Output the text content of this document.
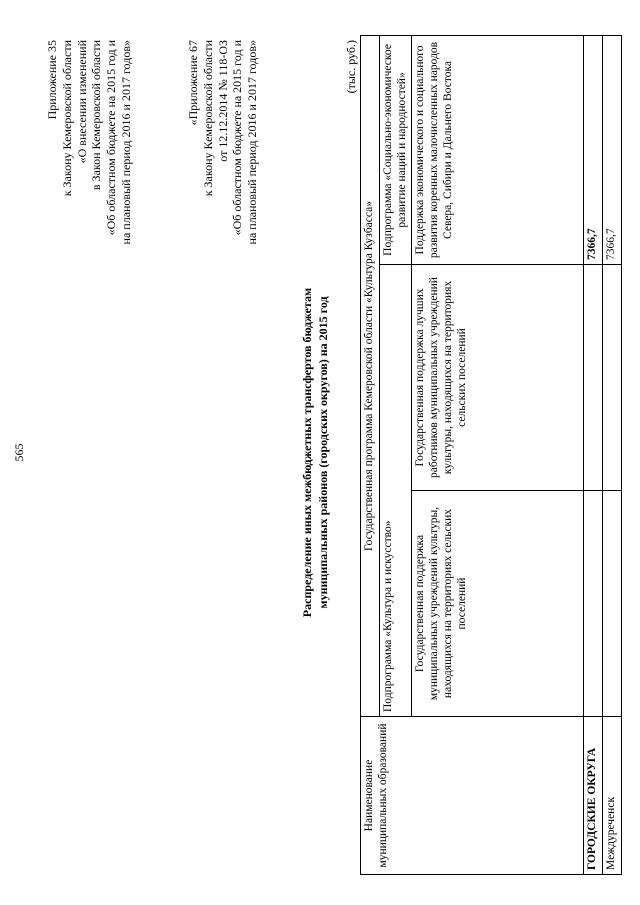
565
Приложение 35 к Закону Кемеровской области «О внесении изменений в Закон Кемеровской области «Об областном бюджете на 2015 год и на плановый период 2016 и 2017 годов»	«Приложение 67 к Закону Кемеровской области от 12.12.2014 № 118-ОЗ «Об областном бюджете на 2015 год и на плановый период 2016 и 2017 годов»
Распределение иных межбюджетных трансфертов бюджетам муниципальных районов (городских округов) на 2015 год
(тыс. руб.)
Наименование муниципальных образований	Государственная программа Кемеровской области «Культура Кузбасса»		
	Подпрограмма «Культура и искусство»		Подпрограмма «Социально-экономическое развитие наций и народностей»
	Государственная поддержка муниципальных учреждений культуры, находящихся на территориях сельских поселений	Государственная поддержка лучших работников муниципальных учреждений культуры, находящихся на территориях сельских поселений	Поддержка экономического и социального развития коренных малочисленных народов Севера, Сибири и Дальнего Востока
ГОРОДСКИЕ ОКРУГА			7366,7
Междуреченск			7366,7
